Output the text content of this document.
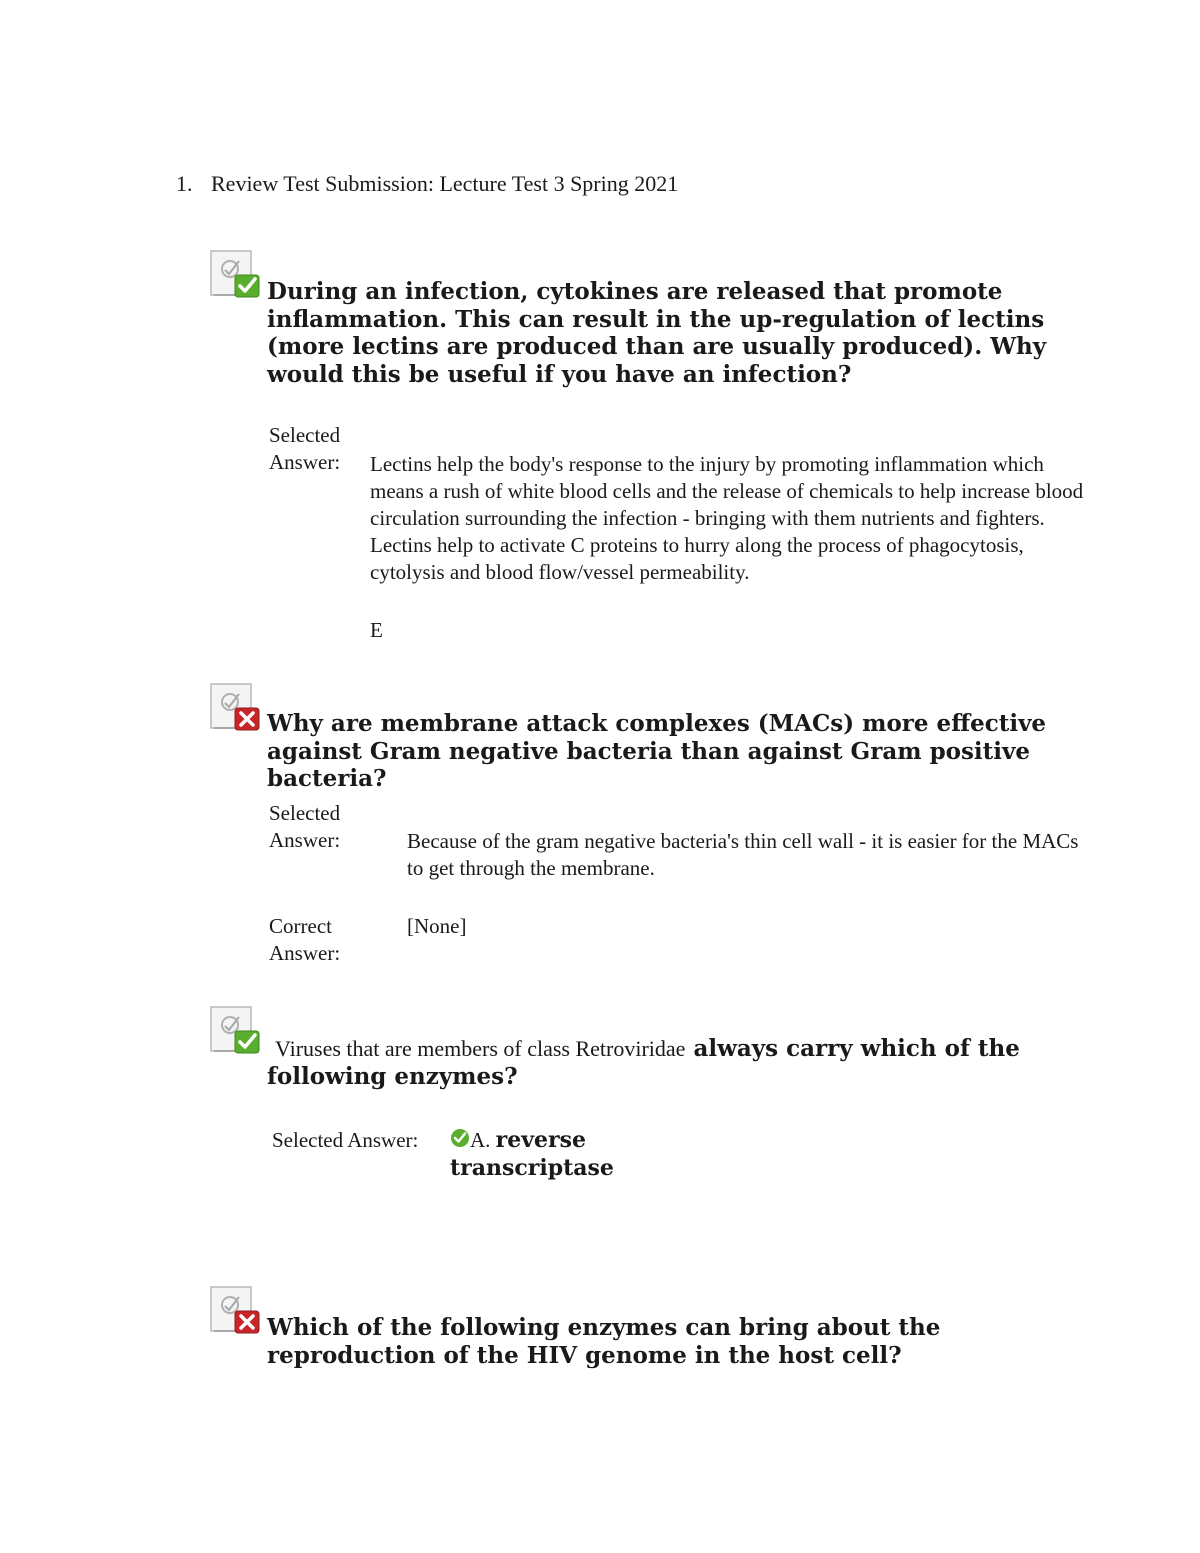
1. Review Test Submission: Lecture Test 3 Spring 2021
During an infection, cytokines are released that promote inflammation. This can result in the up-regulation of lectins (more lectins are produced than are usually produced). Why would this be useful if you have an infection?
Selected
Answer:	Lectins help the body's response to the injury by promoting inflammation which means a rush of white blood cells and the release of chemicals to help increase blood circulation surrounding the infection - bringing with them nutrients and fighters. Lectins help to activate C proteins to hurry along the process of phagocytosis, cytolysis and blood flow/vessel permeability.
E
Why are membrane attack complexes (MACs) more effective against Gram negative bacteria than against Gram positive bacteria?
Selected
Answer:	Because of the gram negative bacteria's thin cell wall - it is easier for the MACs to get through the membrane.
Correct
Answer:
[None]
Viruses that are members of class Retroviridae always carry which of the following enzymes?
Selected Answer: A. reverse
transcriptase
Which of the following enzymes can bring about the reproduction of the HIV genome in the host cell?
